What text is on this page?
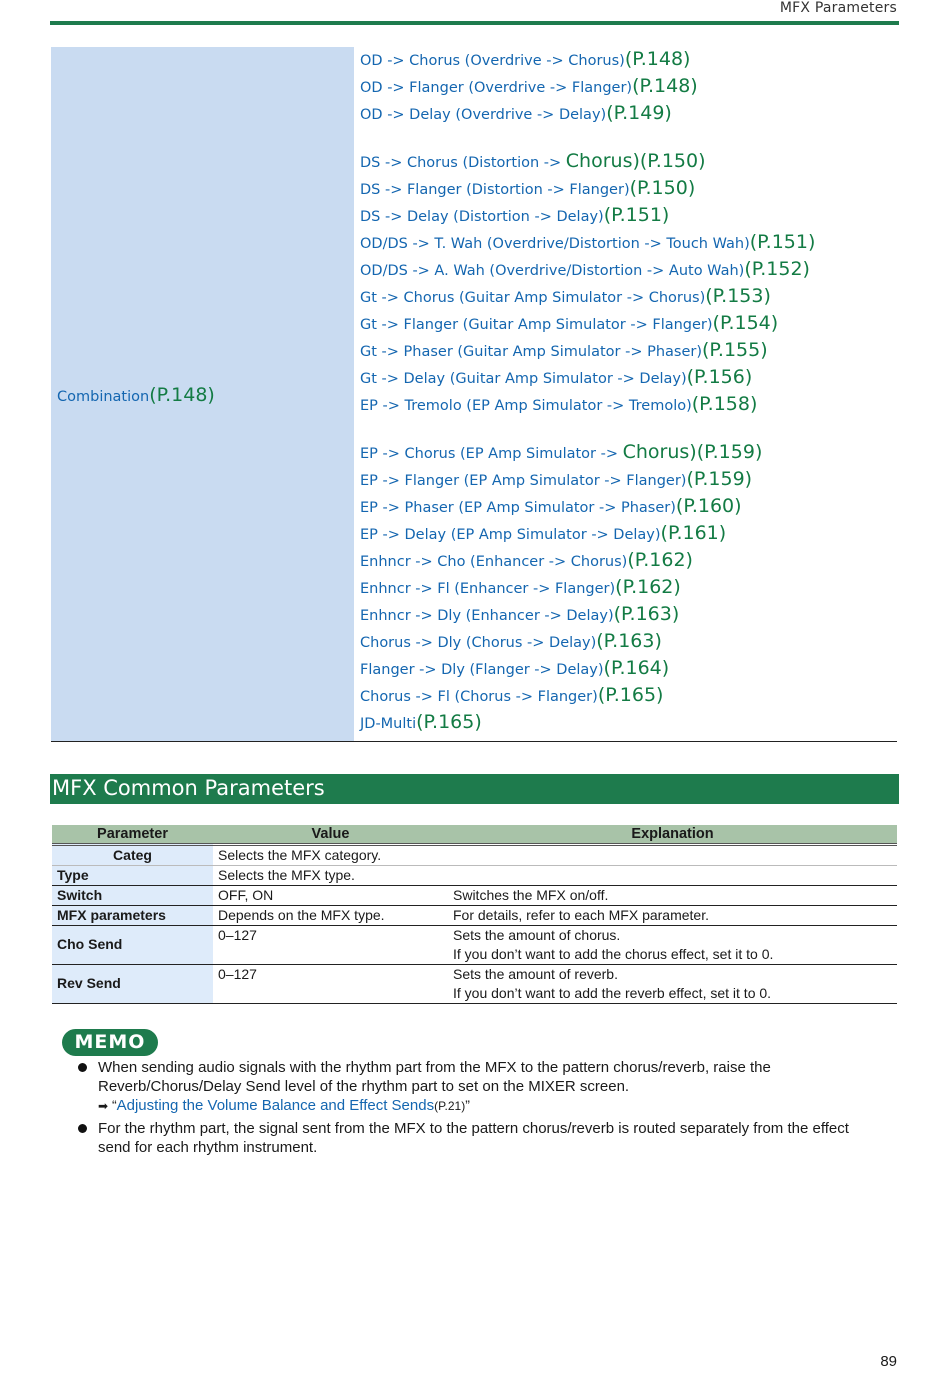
MFX Parameters
Combination(P.148)
OD -> Chorus (Overdrive -> Chorus)(P.148)
OD -> Flanger (Overdrive -> Flanger)(P.148)
OD -> Delay (Overdrive -> Delay)(P.149)
DS -> Chorus (Distortion -> Chorus)(P.150)
DS -> Flanger (Distortion -> Flanger)(P.150)
DS -> Delay (Distortion -> Delay)(P.151)
OD/DS -> T. Wah (Overdrive/Distortion -> Touch Wah)(P.151)
OD/DS -> A. Wah (Overdrive/Distortion -> Auto Wah)(P.152)
Gt -> Chorus (Guitar Amp Simulator -> Chorus)(P.153)
Gt -> Flanger (Guitar Amp Simulator -> Flanger)(P.154)
Gt -> Phaser (Guitar Amp Simulator -> Phaser)(P.155)
Gt -> Delay (Guitar Amp Simulator -> Delay)(P.156)
EP -> Tremolo (EP Amp Simulator -> Tremolo)(P.158)
EP -> Chorus (EP Amp Simulator -> Chorus)(P.159)
EP -> Flanger (EP Amp Simulator -> Flanger)(P.159)
EP -> Phaser (EP Amp Simulator -> Phaser)(P.160)
EP -> Delay (EP Amp Simulator -> Delay)(P.161)
Enhncr -> Cho (Enhancer -> Chorus)(P.162)
Enhncr -> Fl (Enhancer -> Flanger)(P.162)
Enhncr -> Dly (Enhancer -> Delay)(P.163)
Chorus -> Dly (Chorus -> Delay)(P.163)
Flanger -> Dly (Flanger -> Delay)(P.164)
Chorus -> Fl (Chorus -> Flanger)(P.165)
JD-Multi(P.165)
MFX Common Parameters
Parameter	Value	Explanation
Categ	Selects the MFX category.	
Type	Selects the MFX type.	
Switch	OFF, ON	Switches the MFX on/off.
MFX parameters	Depends on the MFX type.	For details, refer to each MFX parameter.
Cho Send	0–127	Sets the amount of chorus.
If you don’t want to add the chorus effect, set it to 0.

Rev Send	0–127	Sets the amount of reverb.
If you don’t want to add the reverb effect, set it to 0.
MEMO
When sending audio signals with the rhythm part from the MFX to the pattern chorus/reverb, raise the Reverb/Chorus/Delay Send level of the rhythm part to set on the MIXER screen.
➡ “Adjusting the Volume Balance and Effect Sends(P.21)”
For the rhythm part, the signal sent from the MFX to the pattern chorus/reverb is routed separately from the effect send for each rhythm instrument.
89
